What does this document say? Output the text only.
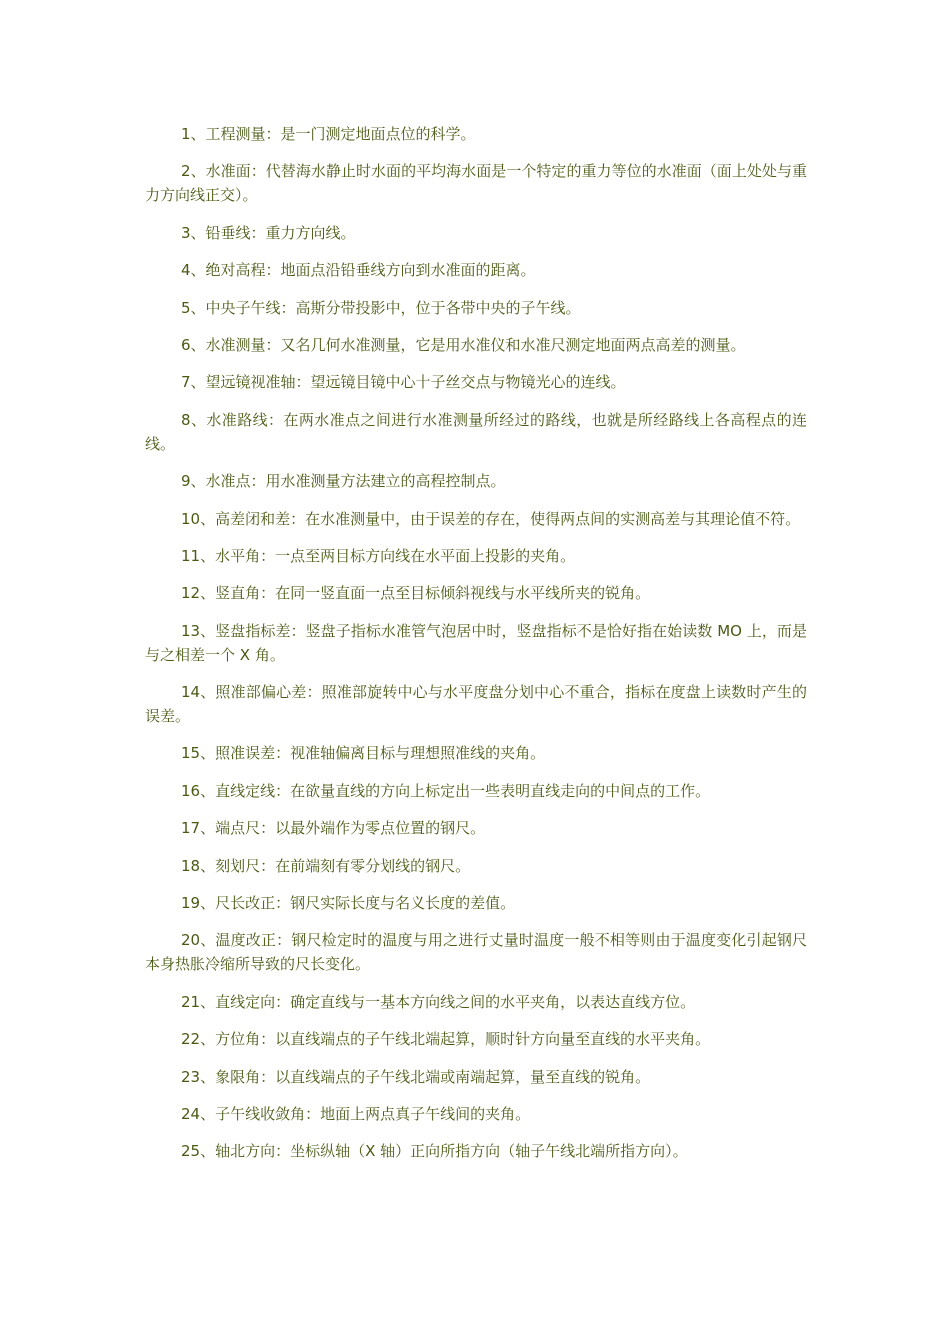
1、工程测量：是一门测定地面点位的科学。

2、水准面：代替海水静止时水面的平均海水面是一个特定的重力等位的水准面（面上处处与重力方向线正交）。

3、铅垂线：重力方向线。

4、绝对高程：地面点沿铅垂线方向到水准面的距离。

5、中央子午线：高斯分带投影中，位于各带中央的子午线。

6、水准测量：又名几何水准测量，它是用水准仪和水准尺测定地面两点高差的测量。

7、望远镜视准轴：望远镜目镜中心十子丝交点与物镜光心的连线。

8、水准路线：在两水准点之间进行水准测量所经过的路线，也就是所经路线上各高程点的连线。

9、水准点：用水准测量方法建立的高程控制点。

10、高差闭和差：在水准测量中，由于误差的存在，使得两点间的实测高差与其理论值不符。

11、水平角：一点至两目标方向线在水平面上投影的夹角。

12、竖直角：在同一竖直面一点至目标倾斜视线与水平线所夹的锐角。

13、竖盘指标差：竖盘子指标水准管气泡居中时，竖盘指标不是恰好指在始读数 MO 上，而是与之相差一个 X 角。

14、照准部偏心差：照准部旋转中心与水平度盘分划中心不重合，指标在度盘上读数时产生的误差。

15、照准误差：视准轴偏离目标与理想照准线的夹角。

16、直线定线：在欲量直线的方向上标定出一些表明直线走向的中间点的工作。

17、端点尺：以最外端作为零点位置的钢尺。

18、刻划尺：在前端刻有零分划线的钢尺。

19、尺长改正：钢尺实际长度与名义长度的差值。

20、温度改正：钢尺检定时的温度与用之进行丈量时温度一般不相等则由于温度变化引起钢尺本身热胀冷缩所导致的尺长变化。

21、直线定向：确定直线与一基本方向线之间的水平夹角，以表达直线方位。

22、方位角：以直线端点的子午线北端起算，顺时针方向量至直线的水平夹角。

23、象限角：以直线端点的子午线北端或南端起算，量至直线的锐角。

24、子午线收敛角：地面上两点真子午线间的夹角。

25、轴北方向：坐标纵轴（X 轴）正向所指方向（轴子午线北端所指方向）。
